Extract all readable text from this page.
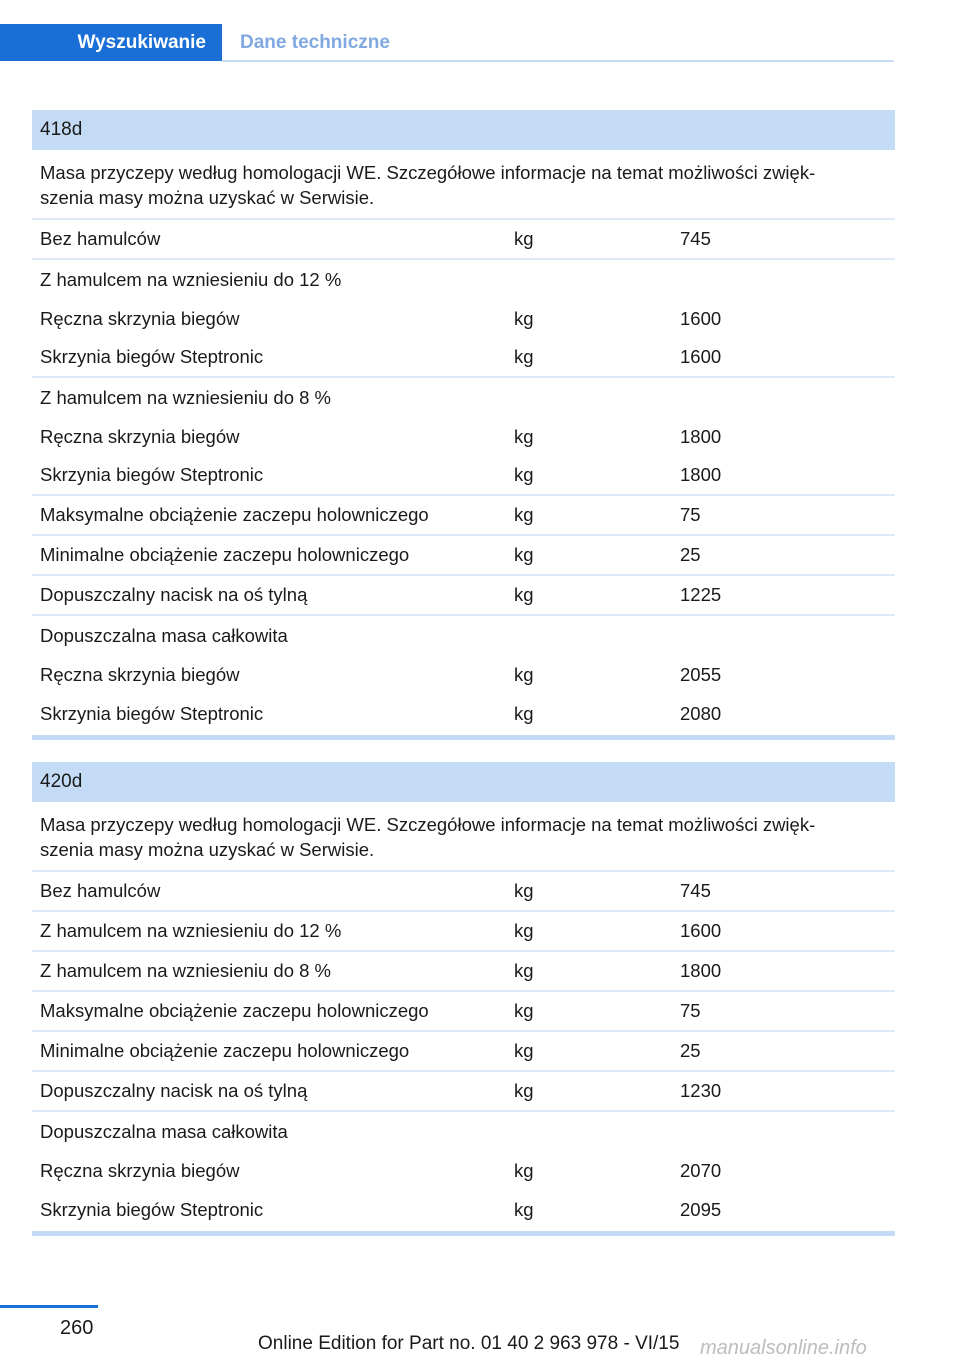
Wyszukiwanie	Dane techniczne
418d
Masa przyczepy według homologacji WE. Szczegółowe informacje na temat możliwości zwięk-
szenia masy można uzyskać w Serwisie.
Bez hamulców	kg	745
Z hamulcem na wzniesieniu do 12 %
Ręczna skrzynia biegów	kg	1600
Skrzynia biegów Steptronic	kg	1600
Z hamulcem na wzniesieniu do 8 %
Ręczna skrzynia biegów	kg	1800
Skrzynia biegów Steptronic	kg	1800
Maksymalne obciążenie zaczepu holowniczego	kg	75
Minimalne obciążenie zaczepu holowniczego	kg	25
Dopuszczalny nacisk na oś tylną	kg	1225
Dopuszczalna masa całkowita
Ręczna skrzynia biegów	kg	2055
Skrzynia biegów Steptronic	kg	2080
420d
Masa przyczepy według homologacji WE. Szczegółowe informacje na temat możliwości zwięk-
szenia masy można uzyskać w Serwisie.
Bez hamulców	kg	745
Z hamulcem na wzniesieniu do 12 %	kg	1600
Z hamulcem na wzniesieniu do 8 %	kg	1800
Maksymalne obciążenie zaczepu holowniczego	kg	75
Minimalne obciążenie zaczepu holowniczego	kg	25
Dopuszczalny nacisk na oś tylną	kg	1230
Dopuszczalna masa całkowita
Ręczna skrzynia biegów	kg	2070
Skrzynia biegów Steptronic	kg	2095
260
Online Edition for Part no. 01 40 2 963 978 - VI/15 manualsonline.info
